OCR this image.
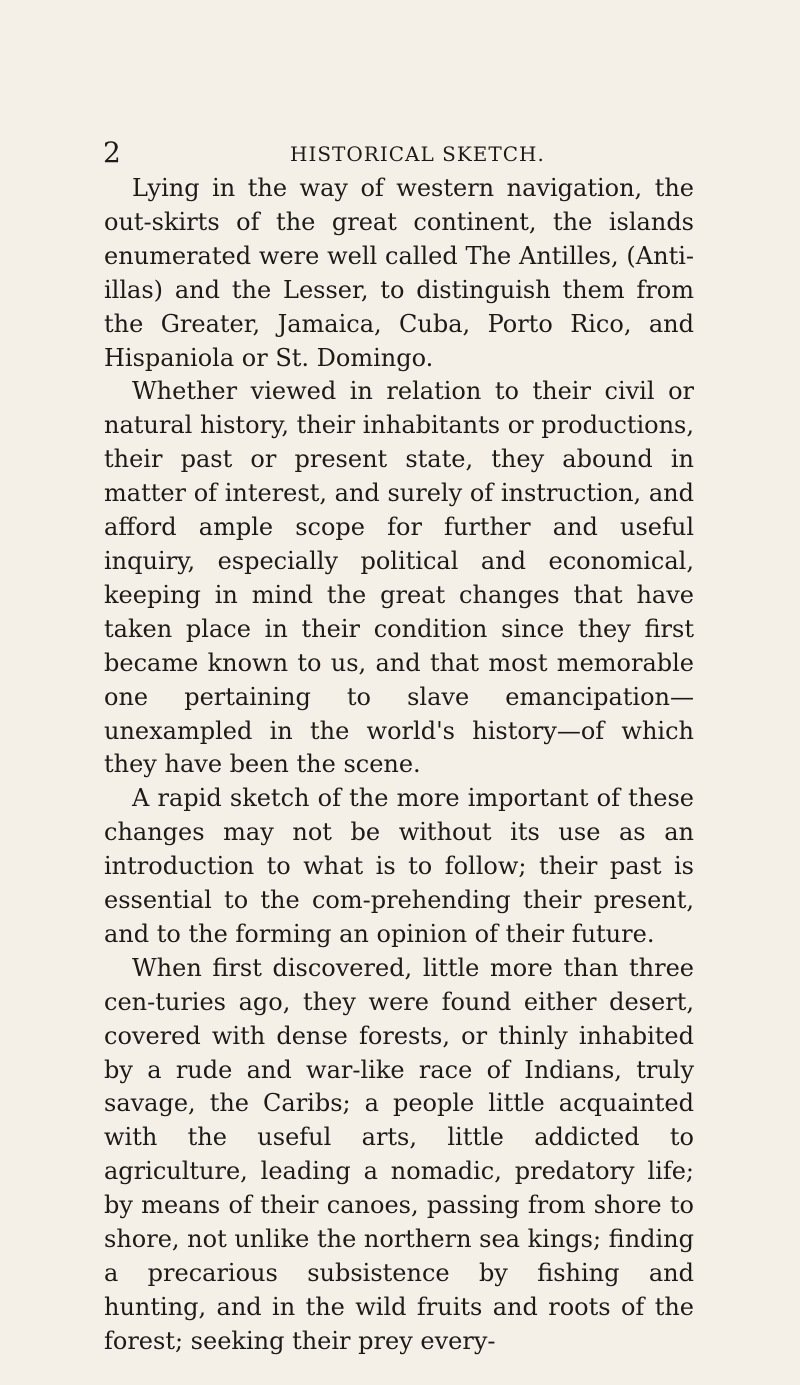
2	HISTORICAL SKETCH.

Lying in the way of western navigation, the out-skirts of the great continent, the islands enumerated were well called The Antilles, (Anti-illas) and the Lesser, to distinguish them from the Greater, Jamaica, Cuba, Porto Rico, and Hispaniola or St. Domingo.

Whether viewed in relation to their civil or natural history, their inhabitants or productions, their past or present state, they abound in matter of interest, and surely of instruction, and afford ample scope for further and useful inquiry, especially political and economical, keeping in mind the great changes that have taken place in their condition since they first became known to us, and that most memorable one pertaining to slave emancipation—unexampled in the world's history—of which they have been the scene.

A rapid sketch of the more important of these changes may not be without its use as an introduction to what is to follow; their past is essential to the com-prehending their present, and to the forming an opinion of their future.

When first discovered, little more than three cen-turies ago, they were found either desert, covered with dense forests, or thinly inhabited by a rude and war-like race of Indians, truly savage, the Caribs; a people little acquainted with the useful arts, little addicted to agriculture, leading a nomadic, predatory life; by means of their canoes, passing from shore to shore, not unlike the northern sea kings; finding a precarious subsistence by fishing and hunting, and in the wild fruits and roots of the forest; seeking their prey every-
